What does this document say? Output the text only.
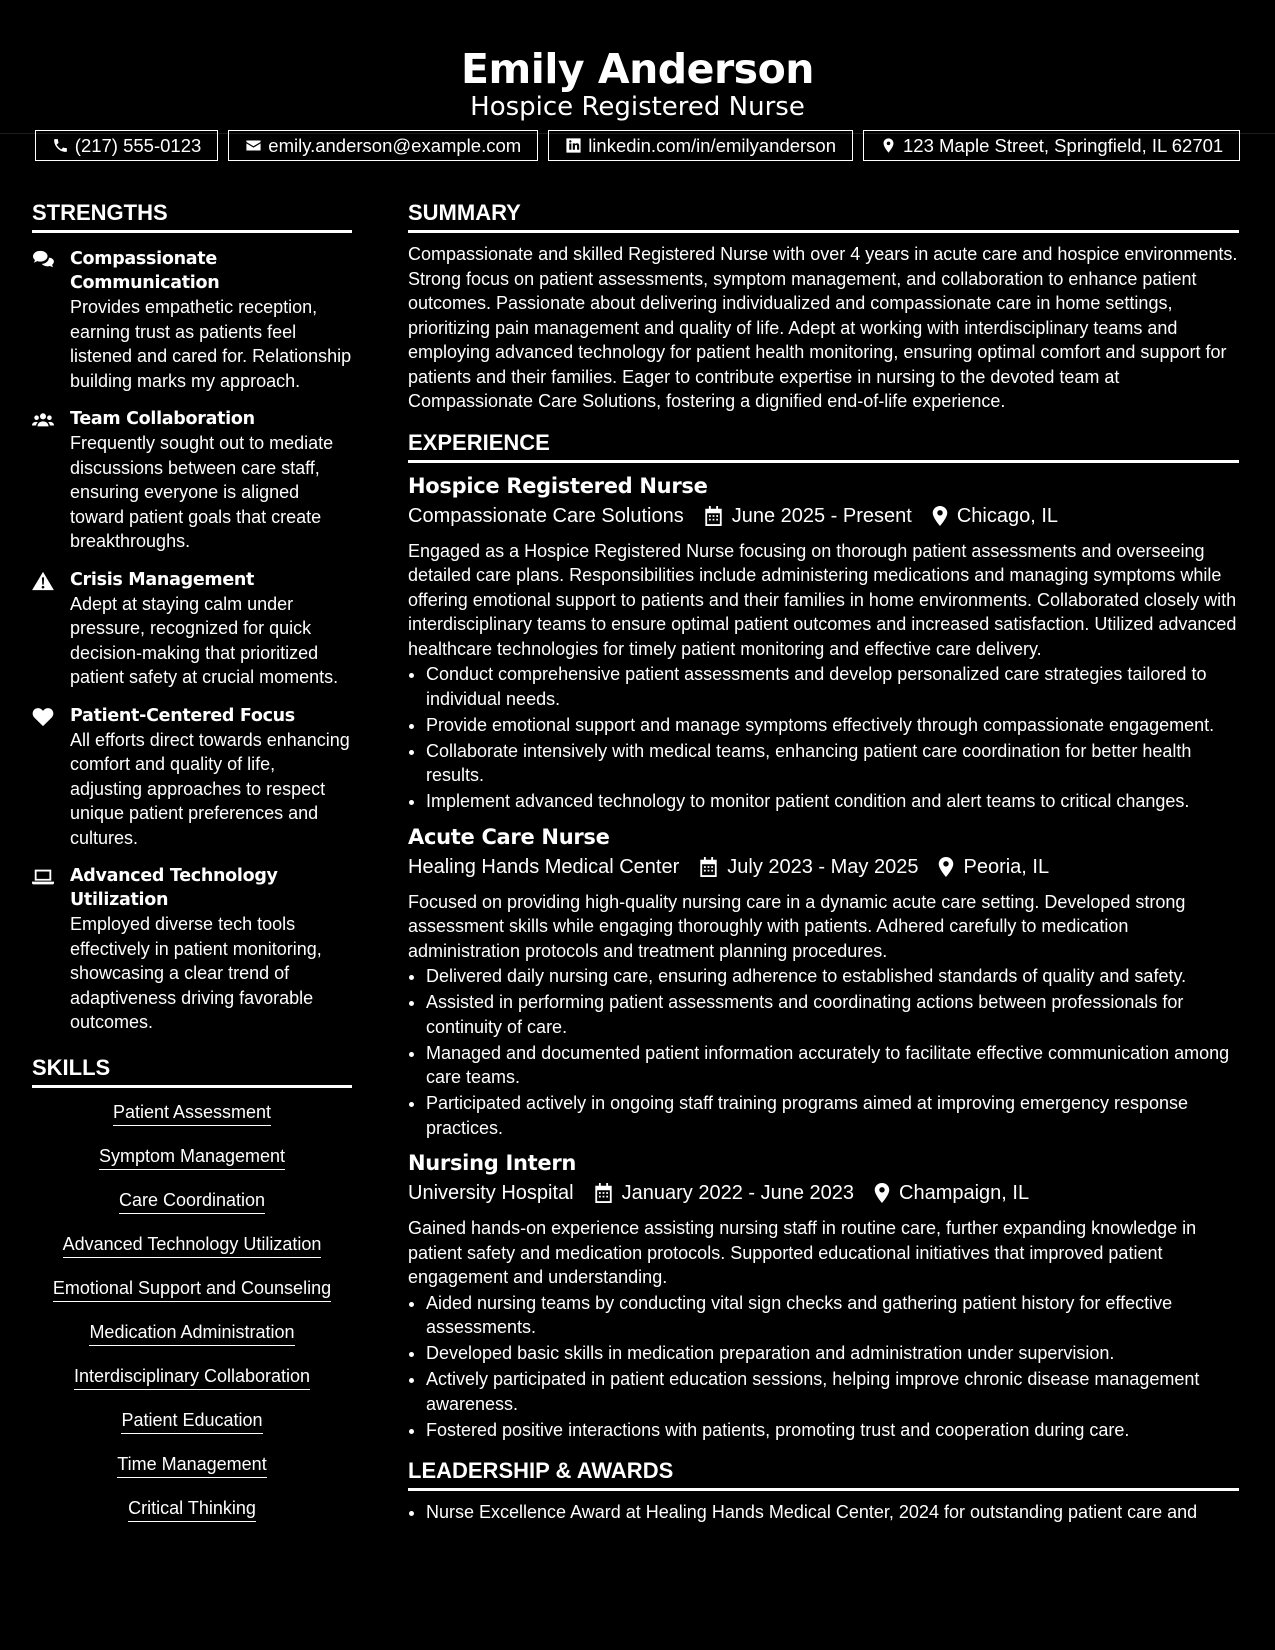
Emily Anderson
Hospice Registered Nurse
(217) 555-0123	emily.anderson@example.com	linkedin.com/in/emilyanderson	123 Maple Street, Springfield, IL 62701
STRENGTHS
Compassionate Communication
Provides empathetic reception, earning trust as patients feel listened and cared for. Relationship building marks my approach.
Team Collaboration
Frequently sought out to mediate discussions between care staff, ensuring everyone is aligned toward patient goals that create breakthroughs.
Crisis Management
Adept at staying calm under pressure, recognized for quick decision-making that prioritized patient safety at crucial moments.
Patient-Centered Focus
All efforts direct towards enhancing comfort and quality of life, adjusting approaches to respect unique patient preferences and cultures.
Advanced Technology Utilization
Employed diverse tech tools effectively in patient monitoring, showcasing a clear trend of adaptiveness driving favorable outcomes.
SKILLS
Patient Assessment
Symptom Management
Care Coordination
Advanced Technology Utilization
Emotional Support and Counseling
Medication Administration
Interdisciplinary Collaboration
Patient Education
Time Management
Critical Thinking
SUMMARY
Compassionate and skilled Registered Nurse with over 4 years in acute care and hospice environments. Strong focus on patient assessments, symptom management, and collaboration to enhance patient outcomes. Passionate about delivering individualized and compassionate care in home settings, prioritizing pain management and quality of life. Adept at working with interdisciplinary teams and employing advanced technology for patient health monitoring, ensuring optimal comfort and support for patients and their families. Eager to contribute expertise in nursing to the devoted team at Compassionate Care Solutions, fostering a dignified end-of-life experience.
EXPERIENCE
Hospice Registered Nurse
Compassionate Care Solutions June 2025 - Present Chicago, IL
Engaged as a Hospice Registered Nurse focusing on thorough patient assessments and overseeing detailed care plans. Responsibilities include administering medications and managing symptoms while offering emotional support to patients and their families in home environments. Collaborated closely with interdisciplinary teams to ensure optimal patient outcomes and increased satisfaction. Utilized advanced healthcare technologies for timely patient monitoring and effective care delivery.
• Conduct comprehensive patient assessments and develop personalized care strategies tailored to individual needs.
• Provide emotional support and manage symptoms effectively through compassionate engagement.
• Collaborate intensively with medical teams, enhancing patient care coordination for better health results.
• Implement advanced technology to monitor patient condition and alert teams to critical changes.
Acute Care Nurse
Healing Hands Medical Center July 2023 - May 2025 Peoria, IL
Focused on providing high-quality nursing care in a dynamic acute care setting. Developed strong assessment skills while engaging thoroughly with patients. Adhered carefully to medication administration protocols and treatment planning procedures.
• Delivered daily nursing care, ensuring adherence to established standards of quality and safety.
• Assisted in performing patient assessments and coordinating actions between professionals for continuity of care.
• Managed and documented patient information accurately to facilitate effective communication among care teams.
• Participated actively in ongoing staff training programs aimed at improving emergency response practices.
Nursing Intern
University Hospital January 2022 - June 2023 Champaign, IL
Gained hands-on experience assisting nursing staff in routine care, further expanding knowledge in patient safety and medication protocols. Supported educational initiatives that improved patient engagement and understanding.
• Aided nursing teams by conducting vital sign checks and gathering patient history for effective assessments.
• Developed basic skills in medication preparation and administration under supervision.
• Actively participated in patient education sessions, helping improve chronic disease management awareness.
• Fostered positive interactions with patients, promoting trust and cooperation during care.
LEADERSHIP & AWARDS
• Nurse Excellence Award at Healing Hands Medical Center, 2024 for outstanding patient care and
